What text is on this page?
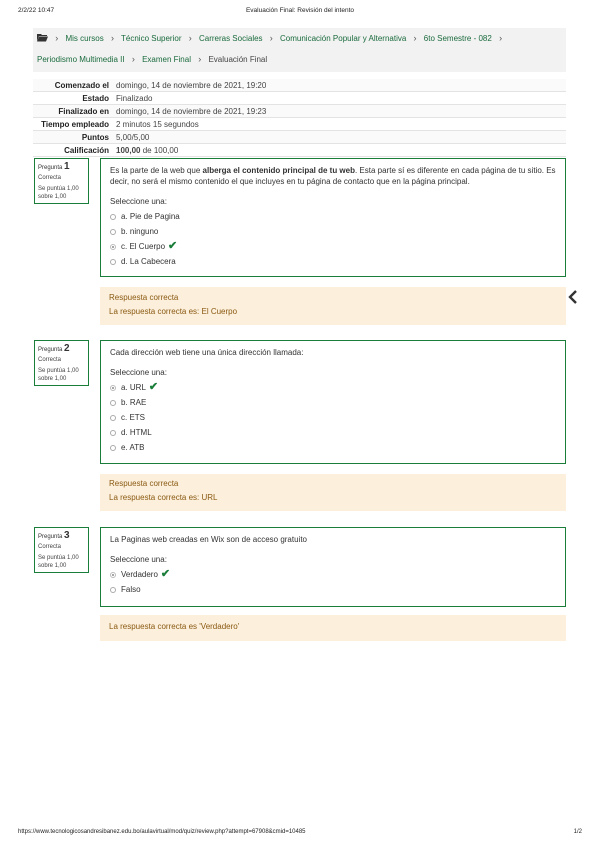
2/2/22 10:47	Evaluación Final: Revisión del intento
› Mis cursos › Técnico Superior › Carreras Sociales › Comunicación Popular y Alternativa › 6to Semestre - 082 ›
Periodismo Multimedia II › Examen Final › Evaluación Final
Comenzado el	domingo, 14 de noviembre de 2021, 19:20
Estado	Finalizado
Finalizado en	domingo, 14 de noviembre de 2021, 19:23
Tiempo empleado	2 minutos 15 segundos
Puntos	5,00/5,00
Calificación	100,00 de 100,00
Pregunta 1
Correcta
Se puntúa 1,00 sobre 1,00
Es la parte de la web que alberga el contenido principal de tu web. Esta parte sí es diferente en cada página de tu sitio. Es decir, no será el mismo contenido el que incluyes en tu página de contacto que en la página principal.
Seleccione una:
a. Pie de Pagina
b. ninguno
c. El Cuerpo ✔
d. La Cabecera
Respuesta correcta
La respuesta correcta es: El Cuerpo
Pregunta 2
Correcta
Se puntúa 1,00 sobre 1,00
Cada dirección web tiene una única dirección llamada:
Seleccione una:
a. URL ✔
b. RAE
c. ETS
d. HTML
e. ATB
Respuesta correcta
La respuesta correcta es: URL
Pregunta 3
Correcta
Se puntúa 1,00 sobre 1,00
La Paginas web creadas en Wix son de acceso gratuito
Seleccione una:
Verdadero ✔
Falso
La respuesta correcta es 'Verdadero'
https://www.tecnologicosandresibanez.edu.bo/aulavirtual/mod/quiz/review.php?attempt=67908&cmid=10485	1/2
